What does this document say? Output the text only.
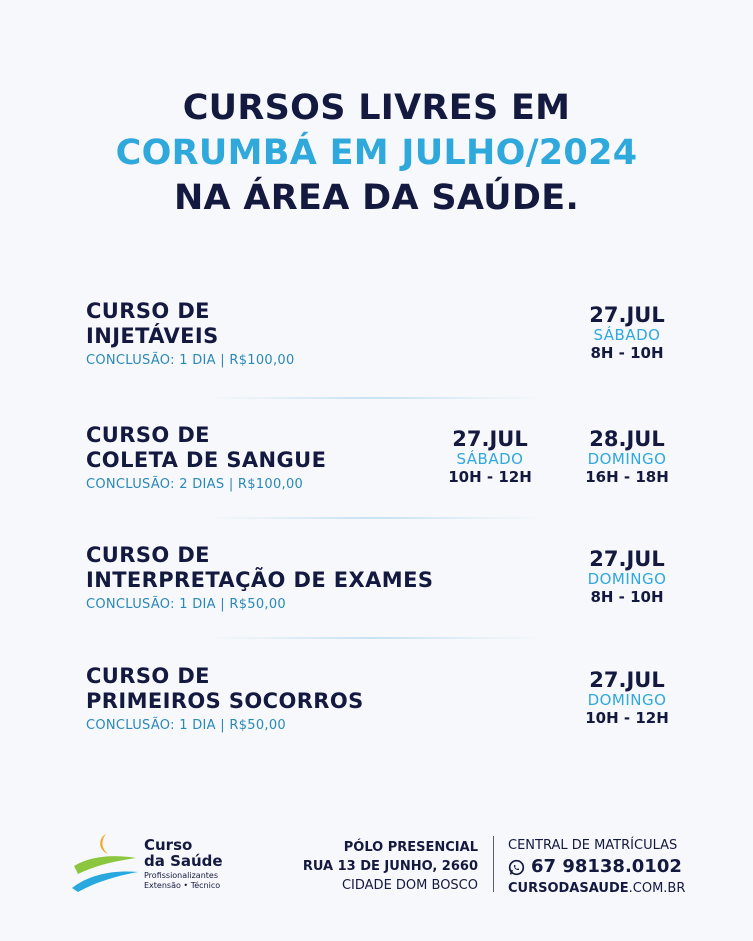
CURSOS LIVRES EM
CORUMBÁ EM JULHO/2024
NA ÁREA DA SAÚDE.
CURSO DE
INJETÁVEIS
CONCLUSÃO: 1 DIA | R$100,00
27.JUL
SÁBADO
8H - 10H
CURSO DE
COLETA DE SANGUE
CONCLUSÃO: 2 DIAS | R$100,00
27.JUL
SÁBADO
10H - 12H
28.JUL
DOMINGO
16H - 18H
CURSO DE
INTERPRETAÇÃO DE EXAMES
CONCLUSÃO: 1 DIA | R$50,00
27.JUL
DOMINGO
8H - 10H
CURSO DE
PRIMEIROS SOCORROS
CONCLUSÃO: 1 DIA | R$50,00
27.JUL
DOMINGO
10H - 12H
Curso
da Saúde
Profissionalizantes
Extensão • Técnico
PÓLO PRESENCIAL
RUA 13 DE JUNHO, 2660
CIDADE DOM BOSCO
CENTRAL DE MATRÍCULAS
67 98138.0102
CURSODASAUDE.COM.BR
